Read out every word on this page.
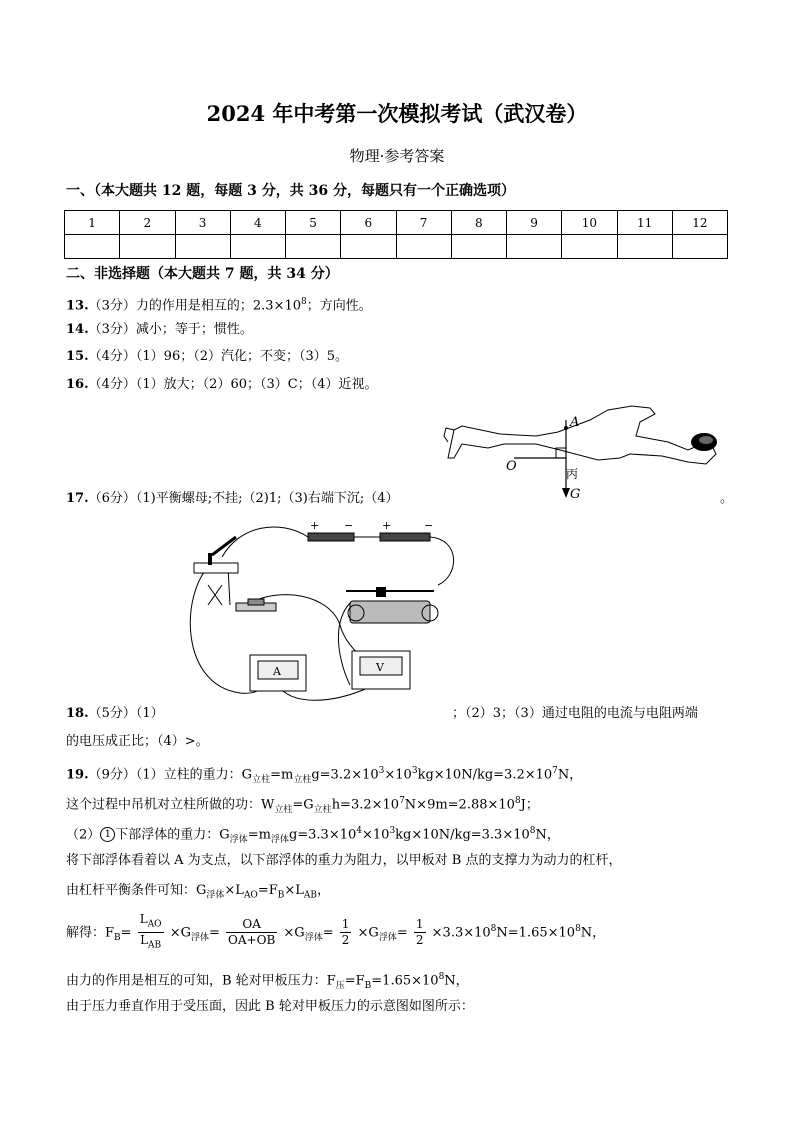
2024 年中考第一次模拟考试（武汉卷）
物理·参考答案
一、（本大题共 12 题，每题 3 分，共 36 分，每题只有一个正确选项）
1	2	3	4	5	6	7	8	9	10	11	12

二、非选择题（本大题共 7 题，共 34 分）
13.（3分）力的作用是相互的；$2.3\times 10^8$；方向性。
14.（3分）减小；等于；惯性。
15.（4分）（1）96；（2）汽化；不变；（3）5。
16.（4分）（1）放大；（2）60；（3）C；（4）近视。
A
O	丙
G
17.（6分）（1)平衡螺母;不挂;（2)1;（3)右端下沉;（4）	。
+ −	+	−
A	V
18.（5分）（1）	；（2）3；（3）通过电阻的电流与电阻两端
的电压成正比；（4）>。
19.（9分）（1）立柱的重力：$G_{立柱}=m_{立柱}g=3.2\times 10^3\times 10^3kg\times 10N/kg=3.2\times 10^7N$，
这个过程中吊机对立柱所做的功：$W_{立柱}=G_{立柱}h=3.2\times 10^7N\times 9m=2.88\times 10^8J$；
（2） 1 下部浮体的重力：$G_{浮体}=m_{浮体}g=3.3\times 10^4\times 10^3kg\times 10N/kg=3.3\times 10^8N$，
将下部浮体看着以 A 为支点，以下部浮体的重力为阻力，以甲板对 B 点的支撑力为动力的杠杆，
由杠杆平衡条件可知：$G_{浮体}\times L_{AO}=F_B\times L_{AB}$，
解得：$F_B= \frac{L_{AO}}{L_{AB}} \times G_{浮体}= \frac{OA}{OA+OB} \times G_{浮体}= \frac{1}{2} \times G_{浮体}= \frac{1}{2} \times 3.3\times 10^8N=1.65\times 10^8N$，
由力的作用是相互的可知，B 轮对甲板压力：$F_压=F_B=1.65\times 10^8N$，
由于压力垂直作用于受压面，因此 B 轮对甲板压力的示意图如图所示：
